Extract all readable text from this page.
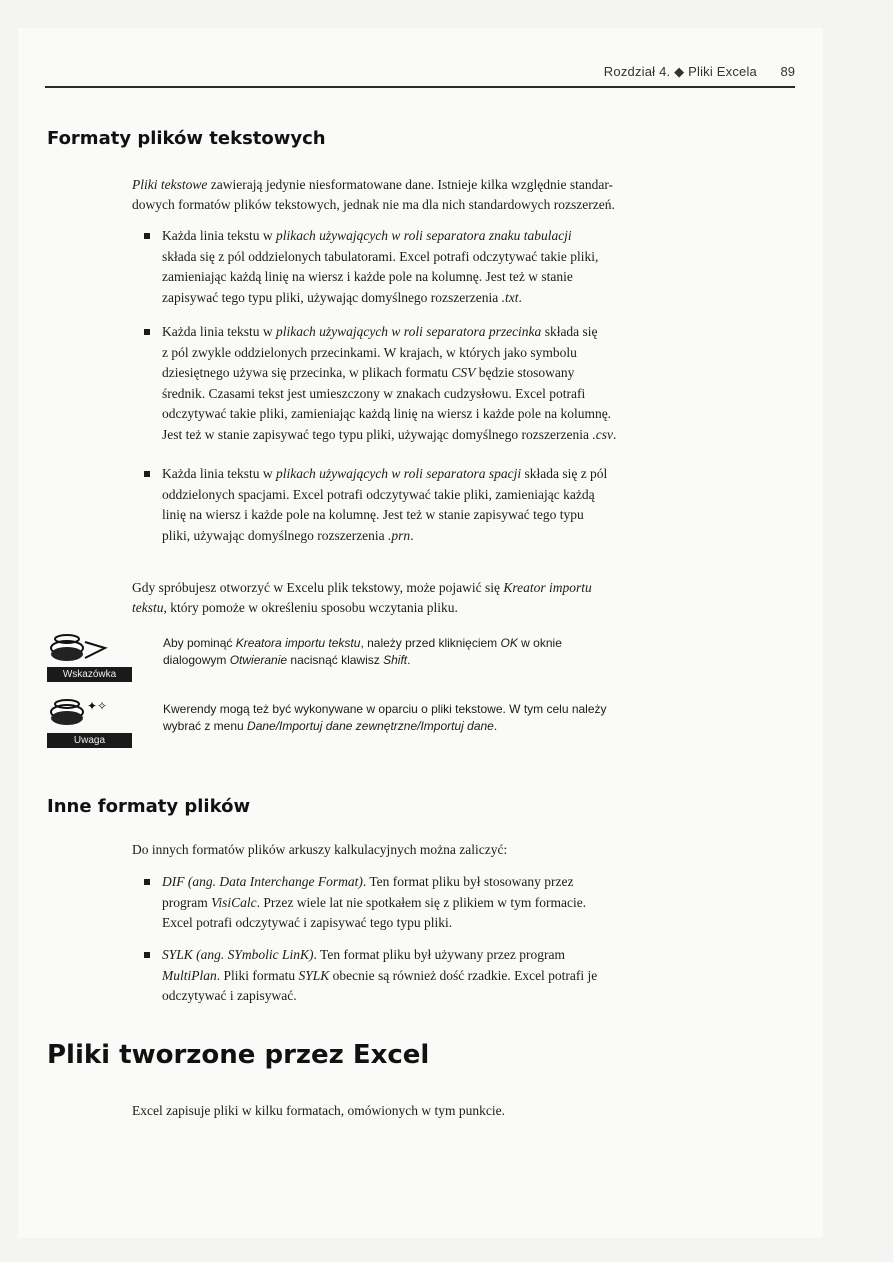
Rozdział 4. ◆ Pliki Excela 89
Formaty plików tekstowych
Pliki tekstowe zawierają jedynie niesformatowane dane. Istnieje kilka względnie standar-
dowych formatów plików tekstowych, jednak nie ma dla nich standardowych rozszerzeń.
Każda linia tekstu w plikach używających w roli separatora znaku tabulacji
składa się z pól oddzielonych tabulatorami. Excel potrafi odczytywać takie pliki,
zamieniając każdą linię na wiersz i każde pole na kolumnę. Jest też w stanie
zapisywać tego typu pliki, używając domyślnego rozszerzenia .txt.
Każda linia tekstu w plikach używających w roli separatora przecinka składa się
z pól zwykle oddzielonych przecinkami. W krajach, w których jako symbolu
dziesiętnego używa się przecinka, w plikach formatu CSV będzie stosowany
średnik. Czasami tekst jest umieszczony w znakach cudzysłowu. Excel potrafi
odczytywać takie pliki, zamieniając każdą linię na wiersz i każde pole na kolumnę.
Jest też w stanie zapisywać tego typu pliki, używając domyślnego rozszerzenia .csv.
Każda linia tekstu w plikach używających w roli separatora spacji składa się z pól
oddzielonych spacjami. Excel potrafi odczytywać takie pliki, zamieniając każdą
linię na wiersz i każde pole na kolumnę. Jest też w stanie zapisywać tego typu
pliki, używając domyślnego rozszerzenia .prn.
Gdy spróbujesz otworzyć w Excelu plik tekstowy, może pojawić się Kreator importu
tekstu, który pomoże w określeniu sposobu wczytania pliku.
Wskazówka
Aby pominąć Kreatora importu tekstu, należy przed kliknięciem OK w oknie
dialogowym Otwieranie nacisnąć klawisz Shift.
✦✧
Uwaga
Kwerendy mogą też być wykonywane w oparciu o pliki tekstowe. W tym celu należy
wybrać z menu Dane/Importuj dane zewnętrzne/Importuj dane.
Inne formaty plików
Do innych formatów plików arkuszy kalkulacyjnych można zaliczyć:
DIF (ang. Data Interchange Format). Ten format pliku był stosowany przez
program VisiCalc. Przez wiele lat nie spotkałem się z plikiem w tym formacie.
Excel potrafi odczytywać i zapisywać tego typu pliki.
SYLK (ang. SYmbolic LinK). Ten format pliku był używany przez program
MultiPlan. Pliki formatu SYLK obecnie są również dość rzadkie. Excel potrafi je
odczytywać i zapisywać.
Pliki tworzone przez Excel
Excel zapisuje pliki w kilku formatach, omówionych w tym punkcie.
